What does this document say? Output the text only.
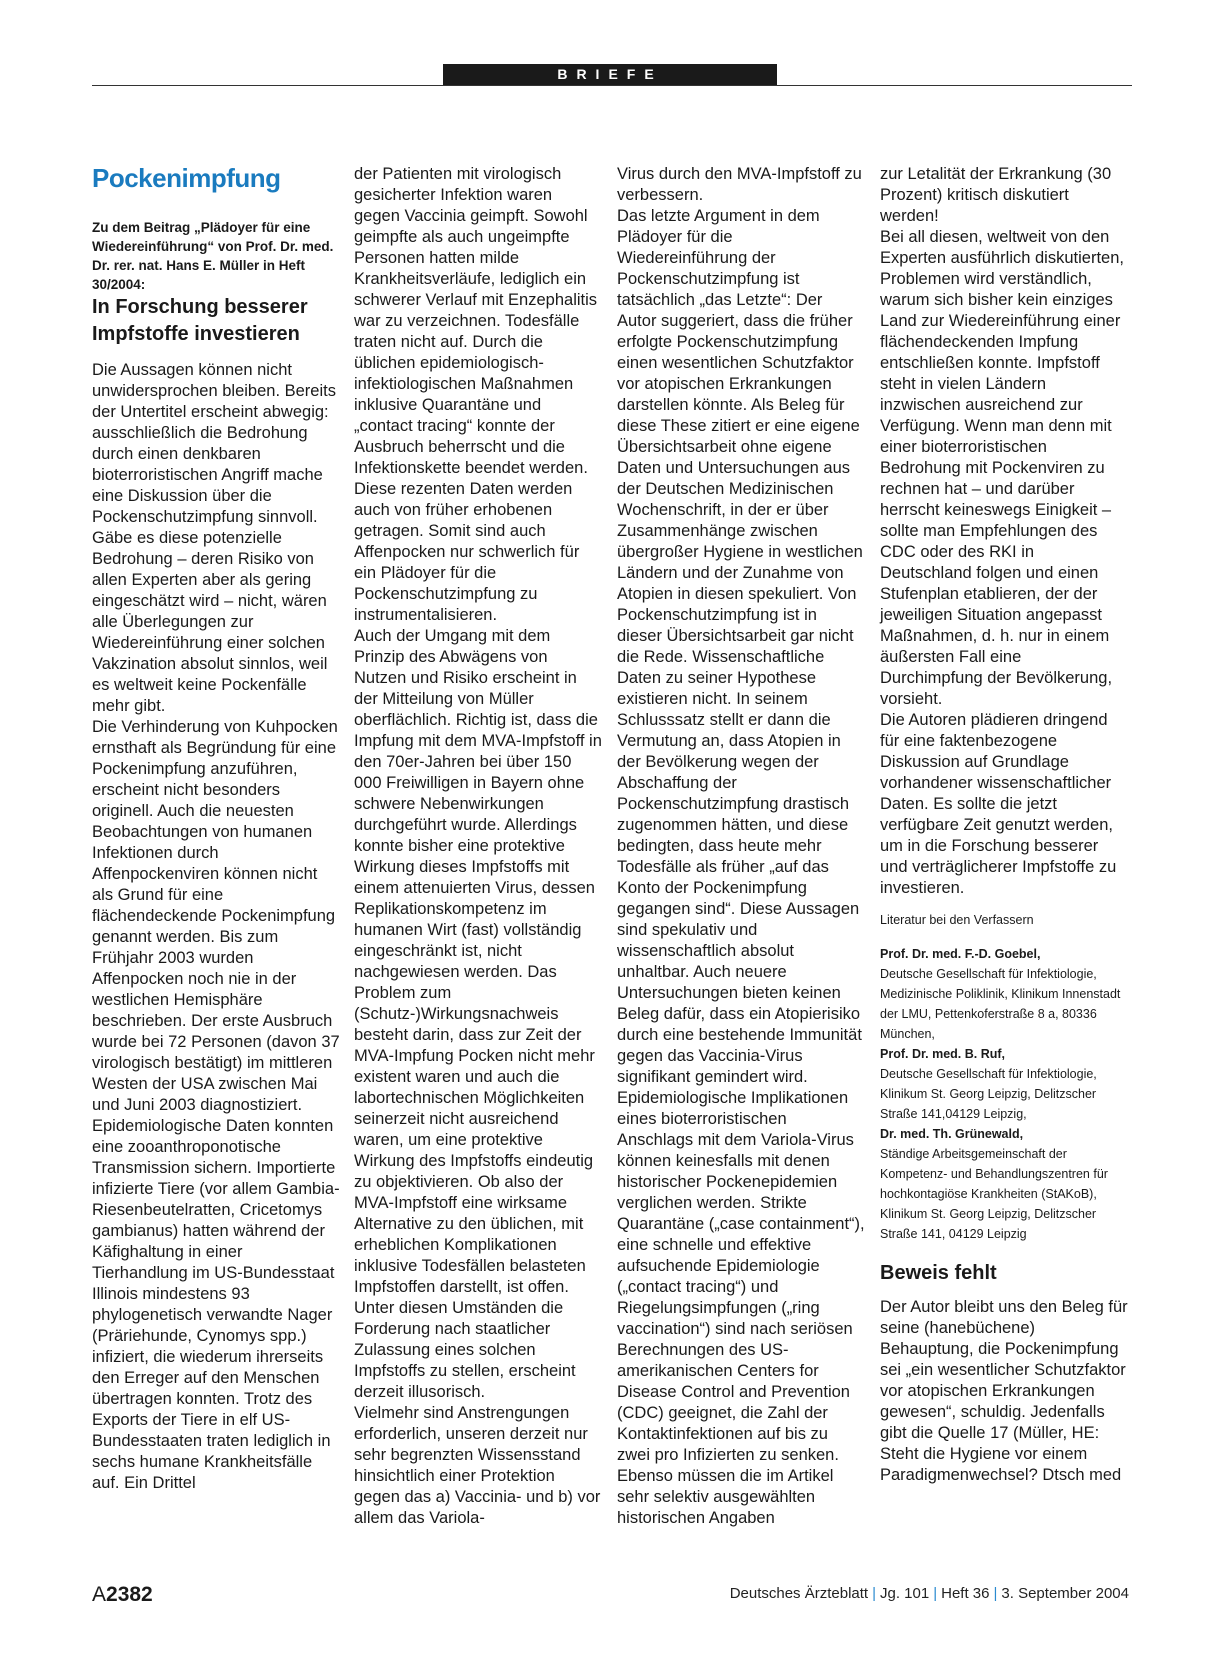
BRIEFE
Pockenimpfung

Zu dem Beitrag „Plädoyer für eine Wiedereinführung“ von Prof. Dr. med. Dr. rer. nat. Hans E. Müller in Heft 30/2004:

In Forschung besserer Impfstoffe investieren

Die Aussagen können nicht unwidersprochen bleiben. Bereits der Untertitel erscheint abwegig: ausschließlich die Bedrohung durch einen denkbaren bioterroristischen Angriff mache eine Diskussion über die Pockenschutzimpfung sinnvoll. Gäbe es diese potenzielle Bedrohung – deren Risiko von allen Experten aber als gering eingeschätzt wird – nicht, wären alle Überlegungen zur Wiedereinführung einer solchen Vakzination absolut sinnlos, weil es weltweit keine Pockenfälle mehr gibt.

Die Verhinderung von Kuhpocken ernsthaft als Begründung für eine Pockenimpfung anzuführen, erscheint nicht besonders originell. Auch die neuesten Beobachtungen von humanen Infektionen durch Affenpockenviren können nicht als Grund für eine flächendeckende Pockenimpfung genannt werden. Bis zum Frühjahr 2003 wurden Affenpocken noch nie in der westlichen Hemisphäre beschrieben. Der erste Ausbruch wurde bei 72 Personen (davon 37 virologisch bestätigt) im mittleren Westen der USA zwischen Mai und Juni 2003 diagnostiziert. Epidemiologische Daten konnten eine zooanthroponotische Transmission sichern. Importierte infizierte Tiere (vor allem Gambia-Riesenbeutelratten, Cricetomys gambianus) hatten während der Käfighaltung in einer Tierhandlung im US-Bundesstaat Illinois mindestens 93 phylogenetisch verwandte Nager (Präriehunde, Cynomys spp.) infiziert, die wiederum ihrerseits den Erreger auf den Menschen übertragen konnten. Trotz des Exports der Tiere in elf US-Bundesstaaten traten lediglich in sechs humane Krankheitsfälle auf. Ein Drittel

der Patienten mit virologisch gesicherter Infektion waren gegen Vaccinia geimpft. Sowohl geimpfte als auch ungeimpfte Personen hatten milde Krankheitsverläufe, lediglich ein schwerer Verlauf mit Enzephalitis war zu verzeichnen. Todesfälle traten nicht auf. Durch die üblichen epidemiologisch-infektiologischen Maßnahmen inklusive Quarantäne und „contact tracing“ konnte der Ausbruch beherrscht und die Infektionskette beendet werden. Diese rezenten Daten werden auch von früher erhobenen getragen. Somit sind auch Affenpocken nur schwerlich für ein Plädoyer für die Pockenschutzimpfung zu instrumentalisieren.

Auch der Umgang mit dem Prinzip des Abwägens von Nutzen und Risiko erscheint in der Mitteilung von Müller oberflächlich. Richtig ist, dass die Impfung mit dem MVA-Impfstoff in den 70er-Jahren bei über 150 000 Freiwilligen in Bayern ohne schwere Nebenwirkungen durchgeführt wurde. Allerdings konnte bisher eine protektive Wirkung dieses Impfstoffs mit einem attenuierten Virus, dessen Replikationskompetenz im humanen Wirt (fast) vollständig eingeschränkt ist, nicht nachgewiesen werden. Das Problem zum (Schutz-)Wirkungsnachweis besteht darin, dass zur Zeit der MVA-Impfung Pocken nicht mehr existent waren und auch die labortechnischen Möglichkeiten seinerzeit nicht ausreichend waren, um eine protektive Wirkung des Impfstoffs eindeutig zu objektivieren. Ob also der MVA-Impfstoff eine wirksame Alternative zu den üblichen, mit erheblichen Komplikationen inklusive Todesfällen belasteten Impfstoffen darstellt, ist offen. Unter diesen Umständen die Forderung nach staatlicher Zulassung eines solchen Impfstoffs zu stellen, erscheint derzeit illusorisch.

Vielmehr sind Anstrengungen erforderlich, unseren derzeit nur sehr begrenzten Wissensstand hinsichtlich einer Protektion gegen das a) Vaccinia- und b) vor allem das Variola-

Virus durch den MVA-Impfstoff zu verbessern.

Das letzte Argument in dem Plädoyer für die Wiedereinführung der Pockenschutzimpfung ist tatsächlich „das Letzte“: Der Autor suggeriert, dass die früher erfolgte Pockenschutzimpfung einen wesentlichen Schutzfaktor vor atopischen Erkrankungen darstellen könnte. Als Beleg für diese These zitiert er eine eigene Übersichtsarbeit ohne eigene Daten und Untersuchungen aus der Deutschen Medizinischen Wochenschrift, in der er über Zusammenhänge zwischen übergroßer Hygiene in westlichen Ländern und der Zunahme von Atopien in diesen spekuliert. Von Pockenschutzimpfung ist in dieser Übersichtsarbeit gar nicht die Rede. Wissenschaftliche Daten zu seiner Hypothese existieren nicht. In seinem Schlusssatz stellt er dann die Vermutung an, dass Atopien in der Bevölkerung wegen der Abschaffung der Pockenschutzimpfung drastisch zugenommen hätten, und diese bedingten, dass heute mehr Todesfälle als früher „auf das Konto der Pockenimpfung gegangen sind“. Diese Aussagen sind spekulativ und wissenschaftlich absolut unhaltbar. Auch neuere Untersuchungen bieten keinen Beleg dafür, dass ein Atopierisiko durch eine bestehende Immunität gegen das Vaccinia-Virus signifikant gemindert wird.

Epidemiologische Implikationen eines bioterroristischen Anschlags mit dem Variola-Virus können keinesfalls mit denen historischer Pockenepidemien verglichen werden. Strikte Quarantäne („case containment“), eine schnelle und effektive aufsuchende Epidemiologie („contact tracing“) und Riegelungsimpfungen („ring vaccination“) sind nach seriösen Berechnungen des US-amerikanischen Centers for Disease Control and Prevention (CDC) geeignet, die Zahl der Kontaktinfektionen auf bis zu zwei pro Infizierten zu senken. Ebenso müssen die im Artikel sehr selektiv ausgewählten historischen Angaben

zur Letalität der Erkrankung (30 Prozent) kritisch diskutiert werden!

Bei all diesen, weltweit von den Experten ausführlich diskutierten, Problemen wird verständlich, warum sich bisher kein einziges Land zur Wiedereinführung einer flächendeckenden Impfung entschließen konnte. Impfstoff steht in vielen Ländern inzwischen ausreichend zur Verfügung. Wenn man denn mit einer bioterroristischen Bedrohung mit Pockenviren zu rechnen hat – und darüber herrscht keineswegs Einigkeit – sollte man Empfehlungen des CDC oder des RKI in Deutschland folgen und einen Stufenplan etablieren, der der jeweiligen Situation angepasst Maßnahmen, d. h. nur in einem äußersten Fall eine Durchimpfung der Bevölkerung, vorsieht.

Die Autoren plädieren dringend für eine faktenbezogene Diskussion auf Grundlage vorhandener wissenschaftlicher Daten. Es sollte die jetzt verfügbare Zeit genutzt werden, um in die Forschung besserer und verträglicherer Impfstoffe zu investieren.

Literatur bei den Verfassern

Prof. Dr. med. F.-D. Goebel,
Deutsche Gesellschaft für Infektiologie, Medizinische Poliklinik, Klinikum Innenstadt der LMU, Pettenkoferstraße 8 a, 80336 München,
Prof. Dr. med. B. Ruf,
Deutsche Gesellschaft für Infektiologie, Klinikum St. Georg Leipzig, Delitzscher Straße 141,04129 Leipzig,
Dr. med. Th. Grünewald,
Ständige Arbeitsgemeinschaft der Kompetenz- und Behandlungszentren für hochkontagiöse Krankheiten (StAKoB), Klinikum St. Georg Leipzig, Delitzscher Straße 141, 04129 Leipzig
Beweis fehlt

Der Autor bleibt uns den Beleg für seine (hanebüchene) Behauptung, die Pockenimpfung sei „ein wesentlicher Schutzfaktor vor atopischen Erkrankungen gewesen“, schuldig. Jedenfalls gibt die Quelle 17 (Müller, HE: Steht die Hygiene vor einem Paradigmenwechsel? Dtsch med

A2382	Deutsches Ärzteblatt | Jg. 101 | Heft 36 | 3. September 2004
